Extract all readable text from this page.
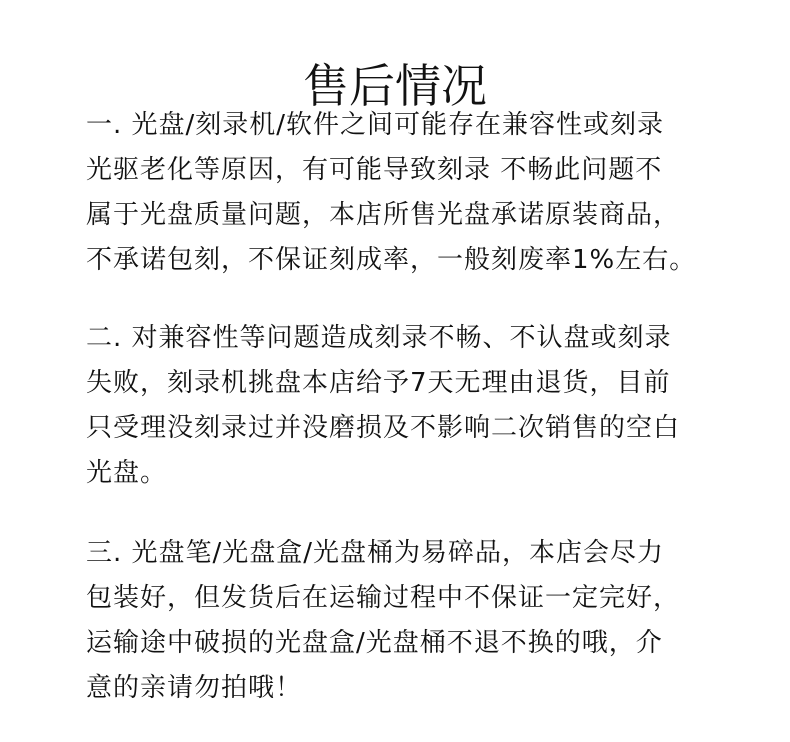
售后情况
一. 光盘/刻录机/软件之间可能存在兼容性或刻录
光驱老化等原因，有可能导致刻录 不畅此问题不
属于光盘质量问题，本店所售光盘承诺原装商品，
不承诺包刻，不保证刻成率，一般刻废率1%左右。
二. 对兼容性等问题造成刻录不畅、不认盘或刻录
失败，刻录机挑盘本店给予7天无理由退货，目前
只受理没刻录过并没磨损及不影响二次销售的空白
光盘。
三. 光盘笔/光盘盒/光盘桶为易碎品，本店会尽力
包装好，但发货后在运输过程中不保证一定完好，
运输途中破损的光盘盒/光盘桶不退不换的哦，介
意的亲请勿拍哦！
